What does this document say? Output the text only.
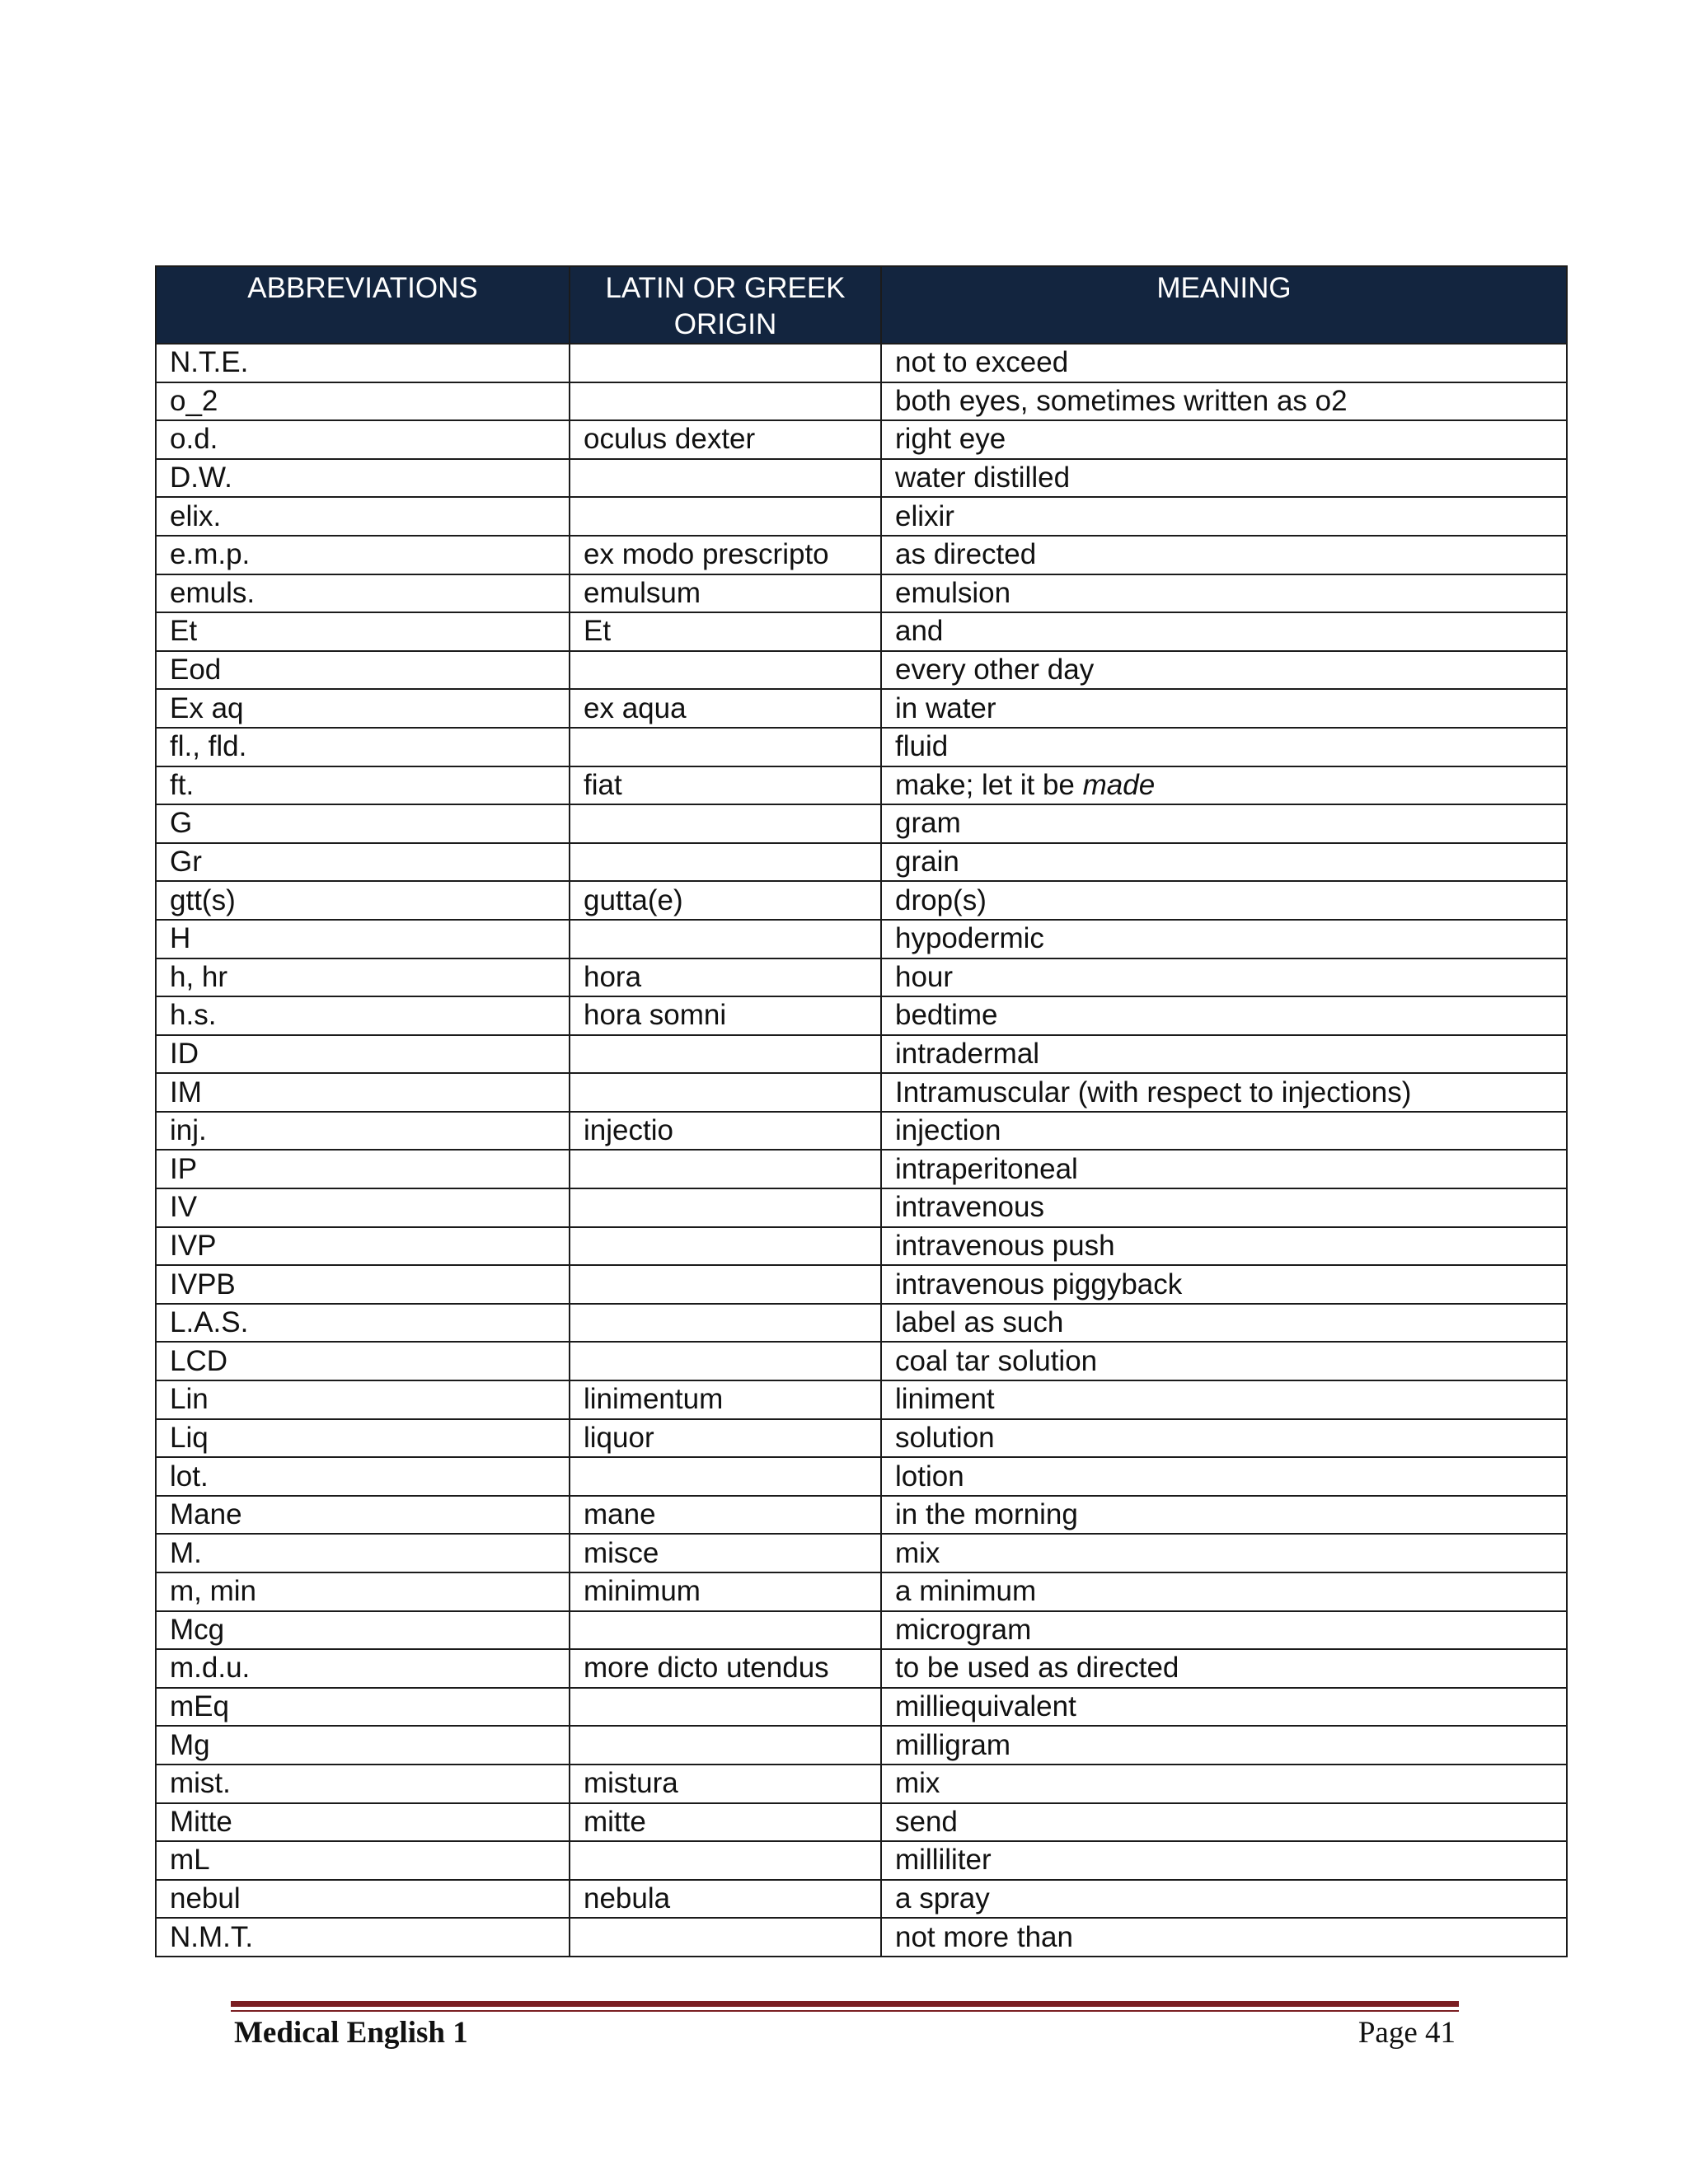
ABBREVIATIONS	LATIN OR GREEK ORIGIN	MEANING
N.T.E.		not to exceed
o_2		both eyes, sometimes written as o2
o.d.	oculus dexter	right eye
D.W.		water distilled
elix.		elixir
e.m.p.	ex modo prescripto	as directed
emuls.	emulsum	emulsion
Et	Et	and
Eod		every other day
Ex aq	ex aqua	in water
fl., fld.		fluid
ft.	fiat	make; let it be made
G		gram
Gr		grain
gtt(s)	gutta(e)	drop(s)
H		hypodermic
h, hr	hora	hour
h.s.	hora somni	bedtime
ID		intradermal
IM		Intramuscular (with respect to injections)
inj.	injectio	injection
IP		intraperitoneal
IV		intravenous
IVP		intravenous push
IVPB		intravenous piggyback
L.A.S.		label as such
LCD		coal tar solution
Lin	linimentum	liniment
Liq	liquor	solution
lot.		lotion
Mane	mane	in the morning
M.	misce	mix
m, min	minimum	a minimum
Mcg		microgram
m.d.u.	more dicto utendus	to be used as directed
mEq		milliequivalent
Mg		milligram
mist.	mistura	mix
Mitte	mitte	send
mL		milliliter
nebul	nebula	a spray
N.M.T.		not more than
Medical English 1	Page 41
